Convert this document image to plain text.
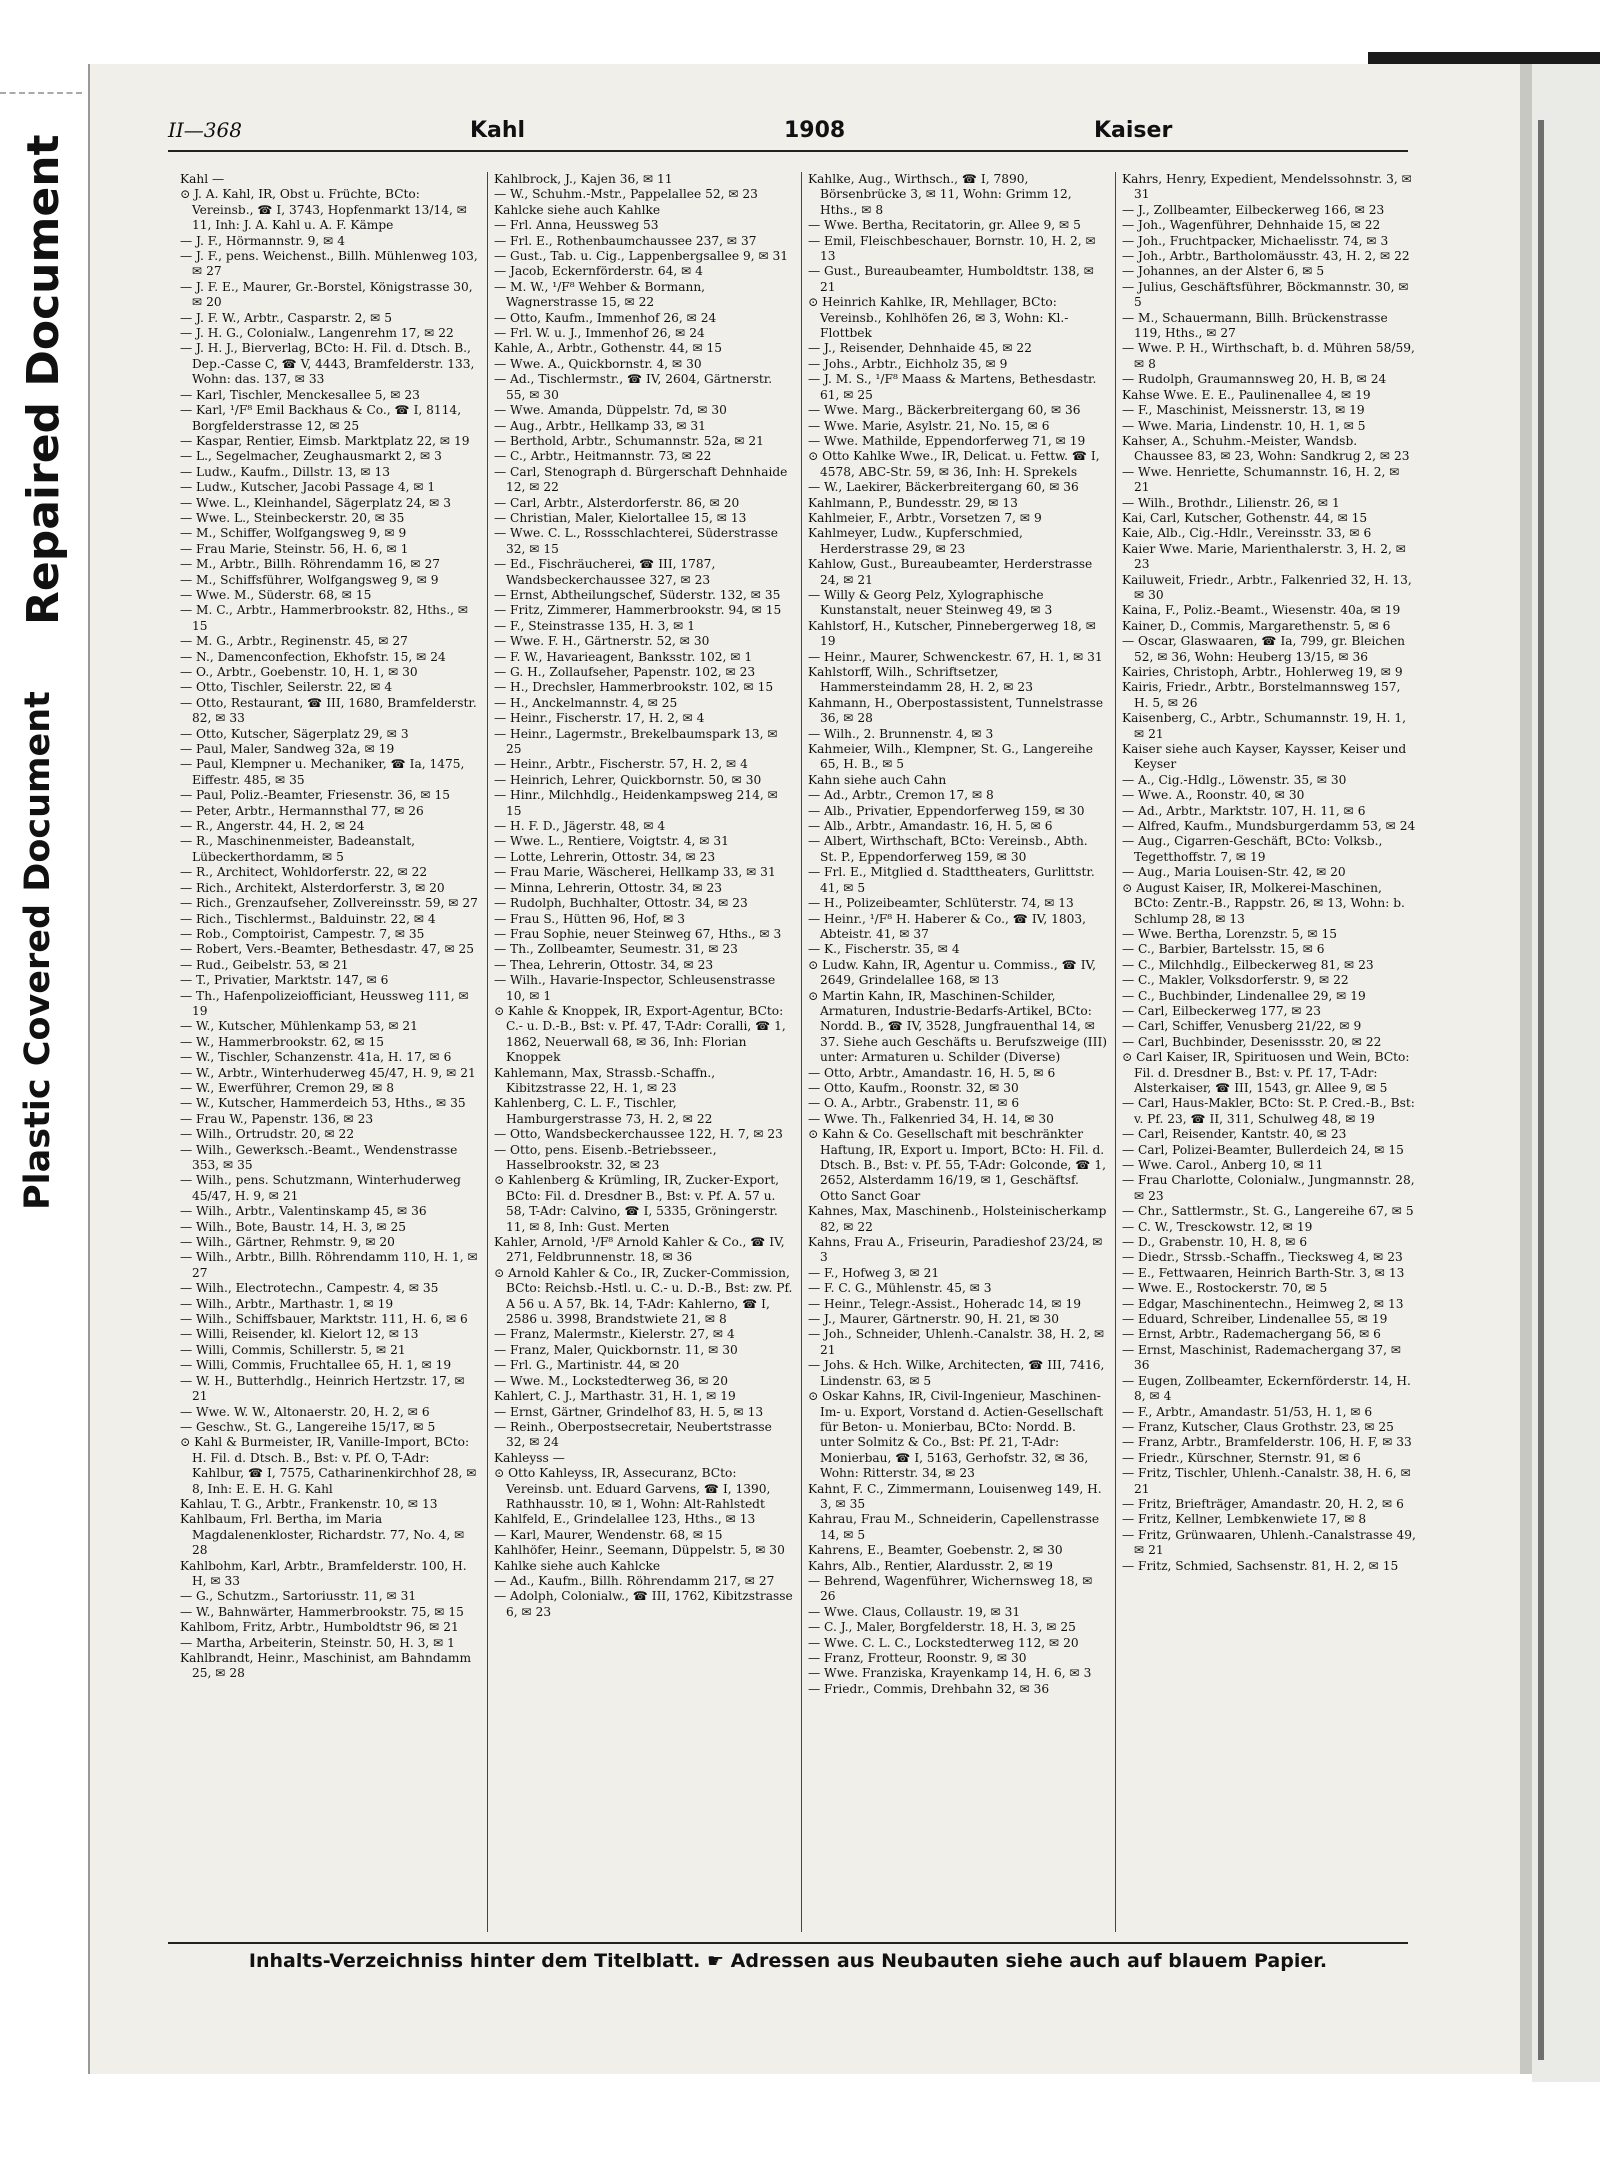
Repaired Document
Plastic Covered Document
II—368	Kahl	1908	Kaiser

Kahl —

⊙ J. A. Kahl, IR, Obst u. Früchte, BCto: Vereinsb., ☎ I, 3743, Hopfenmarkt 13/14, ✉ 11, Inh: J. A. Kahl u. A. F. Kämpe

— J. F., Hörmannstr. 9, ✉ 4

— J. F., pens. Weichenst., Billh. Mühlenweg 103, ✉ 27

— J. F. E., Maurer, Gr.-Borstel, Königstrasse 30, ✉ 20

— J. F. W., Arbtr., Casparstr. 2, ✉ 5

— J. H. G., Colonialw., Langenrehm 17, ✉ 22

— J. H. J., Bierverlag, BCto: H. Fil. d. Dtsch. B., Dep.-Casse C, ☎ V, 4443, Bramfelderstr. 133, Wohn: das. 137, ✉ 33

— Karl, Tischler, Menckesallee 5, ✉ 23

— Karl, ¹/F⁸ Emil Backhaus & Co., ☎ I, 8114, Borgfelderstrasse 12, ✉ 25

— Kaspar, Rentier, Eimsb. Marktplatz 22, ✉ 19

— L., Segelmacher, Zeughausmarkt 2, ✉ 3

— Ludw., Kaufm., Dillstr. 13, ✉ 13

— Ludw., Kutscher, Jacobi Passage 4, ✉ 1

— Wwe. L., Kleinhandel, Sägerplatz 24, ✉ 3

— Wwe. L., Steinbeckerstr. 20, ✉ 35

— M., Schiffer, Wolfgangsweg 9, ✉ 9

— Frau Marie, Steinstr. 56, H. 6, ✉ 1

— M., Arbtr., Billh. Röhrendamm 16, ✉ 27

— M., Schiffsführer, Wolfgangsweg 9, ✉ 9

— Wwe. M., Süderstr. 68, ✉ 15

— M. C., Arbtr., Hammerbrookstr. 82, Hths., ✉ 15

— M. G., Arbtr., Reginenstr. 45, ✉ 27

— N., Damenconfection, Ekhofstr. 15, ✉ 24

— O., Arbtr., Goebenstr. 10, H. 1, ✉ 30

— Otto, Tischler, Seilerstr. 22, ✉ 4

— Otto, Restaurant, ☎ III, 1680, Bramfelderstr. 82, ✉ 33

— Otto, Kutscher, Sägerplatz 29, ✉ 3

— Paul, Maler, Sandweg 32a, ✉ 19

— Paul, Klempner u. Mechaniker, ☎ Ia, 1475, Eiffestr. 485, ✉ 35

— Paul, Poliz.-Beamter, Friesenstr. 36, ✉ 15

— Peter, Arbtr., Hermannsthal 77, ✉ 26

— R., Angerstr. 44, H. 2, ✉ 24

— R., Maschinenmeister, Badeanstalt, Lübeckerthordamm, ✉ 5

— R., Architect, Wohldorferstr. 22, ✉ 22

— Rich., Architekt, Alsterdorferstr. 3, ✉ 20

— Rich., Grenzaufseher, Zollvereinsstr. 59, ✉ 27

— Rich., Tischlermst., Balduinstr. 22, ✉ 4

— Rob., Comptoirist, Campestr. 7, ✉ 35

— Robert, Vers.-Beamter, Bethesdastr. 47, ✉ 25

— Rud., Geibelstr. 53, ✉ 21

— T., Privatier, Marktstr. 147, ✉ 6

— Th., Hafenpolizeiofficiant, Heussweg 111, ✉ 19

— W., Kutscher, Mühlenkamp 53, ✉ 21

— W., Hammerbrookstr. 62, ✉ 15

— W., Tischler, Schanzenstr. 41a, H. 17, ✉ 6

— W., Arbtr., Winterhuderweg 45/47, H. 9, ✉ 21

— W., Ewerführer, Cremon 29, ✉ 8

— W., Kutscher, Hammerdeich 53, Hths., ✉ 35

— Frau W., Papenstr. 136, ✉ 23

— Wilh., Ortrudstr. 20, ✉ 22

— Wilh., Gewerksch.-Beamt., Wendenstrasse 353, ✉ 35

— Wilh., pens. Schutzmann, Winterhuderweg 45/47, H. 9, ✉ 21

— Wilh., Arbtr., Valentinskamp 45, ✉ 36

— Wilh., Bote, Baustr. 14, H. 3, ✉ 25

— Wilh., Gärtner, Rehmstr. 9, ✉ 20

— Wilh., Arbtr., Billh. Röhrendamm 110, H. 1, ✉ 27

— Wilh., Electrotechn., Campestr. 4, ✉ 35

— Wilh., Arbtr., Marthastr. 1, ✉ 19

— Wilh., Schiffsbauer, Marktstr. 111, H. 6, ✉ 6

— Willi, Reisender, kl. Kielort 12, ✉ 13

— Willi, Commis, Schillerstr. 5, ✉ 21

— Willi, Commis, Fruchtallee 65, H. 1, ✉ 19

— W. H., Butterhdlg., Heinrich Hertzstr. 17, ✉ 21

— Wwe. W. W., Altonaerstr. 20, H. 2, ✉ 6

— Geschw., St. G., Langereihe 15/17, ✉ 5

⊙ Kahl & Burmeister, IR, Vanille-Import, BCto: H. Fil. d. Dtsch. B., Bst: v. Pf. O, T-Adr: Kahlbur, ☎ I, 7575, Catharinenkirchhof 28, ✉ 8, Inh: E. E. H. G. Kahl

Kahlau, T. G., Arbtr., Frankenstr. 10, ✉ 13

Kahlbaum, Frl. Bertha, im Maria Magdalenenkloster, Richardstr. 77, No. 4, ✉ 28

Kahlbohm, Karl, Arbtr., Bramfelderstr. 100, H. H, ✉ 33

— G., Schutzm., Sartoriusstr. 11, ✉ 31

— W., Bahnwärter, Hammerbrookstr. 75, ✉ 15

Kahlbom, Fritz, Arbtr., Humboldtstr 96, ✉ 21

— Martha, Arbeiterin, Steinstr. 50, H. 3, ✉ 1

Kahlbrandt, Heinr., Maschinist, am Bahndamm 25, ✉ 28

Kahlbrock, J., Kajen 36, ✉ 11

— W., Schuhm.-Mstr., Pappelallee 52, ✉ 23

Kahlcke siehe auch Kahlke

— Frl. Anna, Heussweg 53

— Frl. E., Rothenbaumchaussee 237, ✉ 37

— Gust., Tab. u. Cig., Lappenbergsallee 9, ✉ 31

— Jacob, Eckernförderstr. 64, ✉ 4

— M. W., ¹/F⁸ Wehber & Bormann, Wagnerstrasse 15, ✉ 22

— Otto, Kaufm., Immenhof 26, ✉ 24

— Frl. W. u. J., Immenhof 26, ✉ 24

Kahle, A., Arbtr., Gothenstr. 44, ✉ 15

— Wwe. A., Quickbornstr. 4, ✉ 30

— Ad., Tischlermstr., ☎ IV, 2604, Gärtnerstr. 55, ✉ 30

— Wwe. Amanda, Düppelstr. 7d, ✉ 30

— Aug., Arbtr., Hellkamp 33, ✉ 31

— Berthold, Arbtr., Schumannstr. 52a, ✉ 21

— C., Arbtr., Heitmannstr. 73, ✉ 22

— Carl, Stenograph d. Bürgerschaft Dehnhaide 12, ✉ 22

— Carl, Arbtr., Alsterdorferstr. 86, ✉ 20

— Christian, Maler, Kielortallee 15, ✉ 13

— Wwe. C. L., Rossschlachterei, Süderstrasse 32, ✉ 15

— Ed., Fischräucherei, ☎ III, 1787, Wandsbeckerchaussee 327, ✉ 23

— Ernst, Abtheilungschef, Süderstr. 132, ✉ 35

— Fritz, Zimmerer, Hammerbrookstr. 94, ✉ 15

— F., Steinstrasse 135, H. 3, ✉ 1

— Wwe. F. H., Gärtnerstr. 52, ✉ 30

— F. W., Havarieagent, Banksstr. 102, ✉ 1

— G. H., Zollaufseher, Papenstr. 102, ✉ 23

— H., Drechsler, Hammerbrookstr. 102, ✉ 15

— H., Anckelmannstr. 4, ✉ 25

— Heinr., Fischerstr. 17, H. 2, ✉ 4

— Heinr., Lagermstr., Brekelbaumspark 13, ✉ 25

— Heinr., Arbtr., Fischerstr. 57, H. 2, ✉ 4

— Heinrich, Lehrer, Quickbornstr. 50, ✉ 30

— Hinr., Milchhdlg., Heidenkampsweg 214, ✉ 15

— H. F. D., Jägerstr. 48, ✉ 4

— Wwe. L., Rentiere, Voigtstr. 4, ✉ 31

— Lotte, Lehrerin, Ottostr. 34, ✉ 23

— Frau Marie, Wäscherei, Hellkamp 33, ✉ 31

— Minna, Lehrerin, Ottostr. 34, ✉ 23

— Rudolph, Buchhalter, Ottostr. 34, ✉ 23

— Frau S., Hütten 96, Hof, ✉ 3

— Frau Sophie, neuer Steinweg 67, Hths., ✉ 3

— Th., Zollbeamter, Seumestr. 31, ✉ 23

— Thea, Lehrerin, Ottostr. 34, ✉ 23

— Wilh., Havarie-Inspector, Schleusenstrasse 10, ✉ 1

⊙ Kahle & Knoppek, IR, Export-Agentur, BCto: C.- u. D.-B., Bst: v. Pf. 47, T-Adr: Coralli, ☎ 1, 1862, Neuerwall 68, ✉ 36, Inh: Florian Knoppek

Kahlemann, Max, Strassb.-Schaffn., Kibitzstrasse 22, H. 1, ✉ 23

Kahlenberg, C. L. F., Tischler, Hamburgerstrasse 73, H. 2, ✉ 22

— Otto, Wandsbeckerchaussee 122, H. 7, ✉ 23

— Otto, pens. Eisenb.-Betriebsseer., Hasselbrookstr. 32, ✉ 23

⊙ Kahlenberg & Krümling, IR, Zucker-Export, BCto: Fil. d. Dresdner B., Bst: v. Pf. A. 57 u. 58, T-Adr: Calvino, ☎ I, 5335, Gröningerstr. 11, ✉ 8, Inh: Gust. Merten

Kahler, Arnold, ¹/F⁸ Arnold Kahler & Co., ☎ IV, 271, Feldbrunnenstr. 18, ✉ 36

⊙ Arnold Kahler & Co., IR, Zucker-Commission, BCto: Reichsb.-Hstl. u. C.- u. D.-B., Bst: zw. Pf. A 56 u. A 57, Bk. 14, T-Adr: Kahlerno, ☎ I, 2586 u. 3998, Brandstwiete 21, ✉ 8

— Franz, Malermstr., Kielerstr. 27, ✉ 4

— Franz, Maler, Quickbornstr. 11, ✉ 30

— Frl. G., Martinistr. 44, ✉ 20

— Wwe. M., Lockstedterweg 36, ✉ 20

Kahlert, C. J., Marthastr. 31, H. 1, ✉ 19

— Ernst, Gärtner, Grindelhof 83, H. 5, ✉ 13

— Reinh., Oberpostsecretair, Neubertstrasse 32, ✉ 24

Kahleyss —

⊙ Otto Kahleyss, IR, Assecuranz, BCto: Vereinsb. unt. Eduard Garvens, ☎ I, 1390, Rathhausstr. 10, ✉ 1, Wohn: Alt-Rahlstedt

Kahlfeld, E., Grindelallee 123, Hths., ✉ 13

— Karl, Maurer, Wendenstr. 68, ✉ 15

Kahlhöfer, Heinr., Seemann, Düppelstr. 5, ✉ 30

Kahlke siehe auch Kahlcke

— Ad., Kaufm., Billh. Röhrendamm 217, ✉ 27

— Adolph, Colonialw., ☎ III, 1762, Kibitzstrasse 6, ✉ 23

Kahlke, Aug., Wirthsch., ☎ I, 7890, Börsenbrücke 3, ✉ 11, Wohn: Grimm 12, Hths., ✉ 8

— Wwe. Bertha, Recitatorin, gr. Allee 9, ✉ 5

— Emil, Fleischbeschauer, Bornstr. 10, H. 2, ✉ 13

— Gust., Bureaubeamter, Humboldtstr. 138, ✉ 21

⊙ Heinrich Kahlke, IR, Mehllager, BCto: Vereinsb., Kohlhöfen 26, ✉ 3, Wohn: Kl.-Flottbek

— J., Reisender, Dehnhaide 45, ✉ 22

— Johs., Arbtr., Eichholz 35, ✉ 9

— J. M. S., ¹/F⁸ Maass & Martens, Bethesdastr. 61, ✉ 25

— Wwe. Marg., Bäckerbreitergang 60, ✉ 36

— Wwe. Marie, Asylstr. 21, No. 15, ✉ 6

— Wwe. Mathilde, Eppendorferweg 71, ✉ 19

⊙ Otto Kahlke Wwe., IR, Delicat. u. Fettw. ☎ I, 4578, ABC-Str. 59, ✉ 36, Inh: H. Sprekels

— W., Laekirer, Bäckerbreitergang 60, ✉ 36

Kahlmann, P., Bundesstr. 29, ✉ 13

Kahlmeier, F., Arbtr., Vorsetzen 7, ✉ 9

Kahlmeyer, Ludw., Kupferschmied, Herderstrasse 29, ✉ 23

Kahlow, Gust., Bureaubeamter, Herderstrasse 24, ✉ 21

— Willy & Georg Pelz, Xylographische Kunstanstalt, neuer Steinweg 49, ✉ 3

Kahlstorf, H., Kutscher, Pinnebergerweg 18, ✉ 19

— Heinr., Maurer, Schwenckestr. 67, H. 1, ✉ 31

Kahlstorff, Wilh., Schriftsetzer, Hammersteindamm 28, H. 2, ✉ 23

Kahmann, H., Oberpostassistent, Tunnelstrasse 36, ✉ 28

— Wilh., 2. Brunnenstr. 4, ✉ 3

Kahmeier, Wilh., Klempner, St. G., Langereihe 65, H. B., ✉ 5

Kahn siehe auch Cahn

— Ad., Arbtr., Cremon 17, ✉ 8

— Alb., Privatier, Eppendorferweg 159, ✉ 30

— Alb., Arbtr., Amandastr. 16, H. 5, ✉ 6

— Albert, Wirthschaft, BCto: Vereinsb., Abth. St. P., Eppendorferweg 159, ✉ 30

— Frl. E., Mitglied d. Stadttheaters, Gurlittstr. 41, ✉ 5

— H., Polizeibeamter, Schlüterstr. 74, ✉ 13

— Heinr., ¹/F⁸ H. Haberer & Co., ☎ IV, 1803, Abteistr. 41, ✉ 37

— K., Fischerstr. 35, ✉ 4

⊙ Ludw. Kahn, IR, Agentur u. Commiss., ☎ IV, 2649, Grindelallee 168, ✉ 13

⊙ Martin Kahn, IR, Maschinen-Schilder, Armaturen, Industrie-Bedarfs-Artikel, BCto: Nordd. B., ☎ IV, 3528, Jungfrauenthal 14, ✉ 37. Siehe auch Geschäfts u. Berufszweige (III) unter: Armaturen u. Schilder (Diverse)

— Otto, Arbtr., Amandastr. 16, H. 5, ✉ 6

— Otto, Kaufm., Roonstr. 32, ✉ 30

— O. A., Arbtr., Grabenstr. 11, ✉ 6

— Wwe. Th., Falkenried 34, H. 14, ✉ 30

⊙ Kahn & Co. Gesellschaft mit beschränkter Haftung, IR, Export u. Import, BCto: H. Fil. d. Dtsch. B., Bst: v. Pf. 55, T-Adr: Golconde, ☎ 1, 2652, Alsterdamm 16/19, ✉ 1, Geschäftsf. Otto Sanct Goar

Kahnes, Max, Maschinenb., Holsteinischerkamp 82, ✉ 22

Kahns, Frau A., Friseurin, Paradieshof 23/24, ✉ 3

— F., Hofweg 3, ✉ 21

— F. C. G., Mühlenstr. 45, ✉ 3

— Heinr., Telegr.-Assist., Hoheradc 14, ✉ 19

— J., Maurer, Gärtnerstr. 90, H. 21, ✉ 30

— Joh., Schneider, Uhlenh.-Canalstr. 38, H. 2, ✉ 21

— Johs. & Hch. Wilke, Architecten, ☎ III, 7416, Lindenstr. 63, ✉ 5

⊙ Oskar Kahns, IR, Civil-Ingenieur, Maschinen-Im- u. Export, Vorstand d. Actien-Gesellschaft für Beton- u. Monierbau, BCto: Nordd. B. unter Solmitz & Co., Bst: Pf. 21, T-Adr: Monierbau, ☎ I, 5163, Gerhofstr. 32, ✉ 36, Wohn: Ritterstr. 34, ✉ 23

Kahnt, F. C., Zimmermann, Louisenweg 149, H. 3, ✉ 35

Kahrau, Frau M., Schneiderin, Capellenstrasse 14, ✉ 5

Kahrens, E., Beamter, Goebenstr. 2, ✉ 30

Kahrs, Alb., Rentier, Alardusstr. 2, ✉ 19

— Behrend, Wagenführer, Wichernsweg 18, ✉ 26

— Wwe. Claus, Collaustr. 19, ✉ 31

— C. J., Maler, Borgfelderstr. 18, H. 3, ✉ 25

— Wwe. C. L. C., Lockstedterweg 112, ✉ 20

— Franz, Frotteur, Roonstr. 9, ✉ 30

— Wwe. Franziska, Krayenkamp 14, H. 6, ✉ 3

— Friedr., Commis, Drehbahn 32, ✉ 36

Kahrs, Henry, Expedient, Mendelssohnstr. 3, ✉ 31

— J., Zollbeamter, Eilbeckerweg 166, ✉ 23

— Joh., Wagenführer, Dehnhaide 15, ✉ 22

— Joh., Fruchtpacker, Michaelisstr. 74, ✉ 3

— Joh., Arbtr., Bartholomäusstr. 43, H. 2, ✉ 22

— Johannes, an der Alster 6, ✉ 5

— Julius, Geschäftsführer, Böckmannstr. 30, ✉ 5

— M., Schauermann, Billh. Brückenstrasse 119, Hths., ✉ 27

— Wwe. P. H., Wirthschaft, b. d. Mühren 58/59, ✉ 8

— Rudolph, Graumannsweg 20, H. B, ✉ 24

Kahse Wwe. E. E., Paulinenallee 4, ✉ 19

— F., Maschinist, Meissnerstr. 13, ✉ 19

— Wwe. Maria, Lindenstr. 10, H. 1, ✉ 5

Kahser, A., Schuhm.-Meister, Wandsb. Chaussee 83, ✉ 23, Wohn: Sandkrug 2, ✉ 23

— Wwe. Henriette, Schumannstr. 16, H. 2, ✉ 21

— Wilh., Brothdr., Lilienstr. 26, ✉ 1

Kai, Carl, Kutscher, Gothenstr. 44, ✉ 15

Kaie, Alb., Cig.-Hdlr., Vereinsstr. 33, ✉ 6

Kaier Wwe. Marie, Marienthalerstr. 3, H. 2, ✉ 23

Kailuweit, Friedr., Arbtr., Falkenried 32, H. 13, ✉ 30

Kaina, F., Poliz.-Beamt., Wiesenstr. 40a, ✉ 19

Kainer, D., Commis, Margarethenstr. 5, ✉ 6

— Oscar, Glaswaaren, ☎ Ia, 799, gr. Bleichen 52, ✉ 36, Wohn: Heuberg 13/15, ✉ 36

Kairies, Christoph, Arbtr., Hohlerweg 19, ✉ 9

Kairis, Friedr., Arbtr., Borstelmannsweg 157, H. 5, ✉ 26

Kaisenberg, C., Arbtr., Schumannstr. 19, H. 1, ✉ 21

Kaiser siehe auch Kayser, Kaysser, Keiser und Keyser

— A., Cig.-Hdlg., Löwenstr. 35, ✉ 30

— Wwe. A., Roonstr. 40, ✉ 30

— Ad., Arbtr., Marktstr. 107, H. 11, ✉ 6

— Alfred, Kaufm., Mundsburgerdamm 53, ✉ 24

— Aug., Cigarren-Geschäft, BCto: Volksb., Tegetthoffstr. 7, ✉ 19

— Aug., Maria Louisen-Str. 42, ✉ 20

⊙ August Kaiser, IR, Molkerei-Maschinen, BCto: Zentr.-B., Rappstr. 26, ✉ 13, Wohn: b. Schlump 28, ✉ 13

— Wwe. Bertha, Lorenzstr. 5, ✉ 15

— C., Barbier, Bartelsstr. 15, ✉ 6

— C., Milchhdlg., Eilbeckerweg 81, ✉ 23

— C., Makler, Volksdorferstr. 9, ✉ 22

— C., Buchbinder, Lindenallee 29, ✉ 19

— Carl, Eilbeckerweg 177, ✉ 23

— Carl, Schiffer, Venusberg 21/22, ✉ 9

— Carl, Buchbinder, Desenissstr. 20, ✉ 22

⊙ Carl Kaiser, IR, Spirituosen und Wein, BCto: Fil. d. Dresdner B., Bst: v. Pf. 17, T-Adr: Alsterkaiser, ☎ III, 1543, gr. Allee 9, ✉ 5

— Carl, Haus-Makler, BCto: St. P. Cred.-B., Bst: v. Pf. 23, ☎ II, 311, Schulweg 48, ✉ 19

— Carl, Reisender, Kantstr. 40, ✉ 23

— Carl, Polizei-Beamter, Bullerdeich 24, ✉ 15

— Wwe. Carol., Anberg 10, ✉ 11

— Frau Charlotte, Colonialw., Jungmannstr. 28, ✉ 23

— Chr., Sattlermstr., St. G., Langereihe 67, ✉ 5

— C. W., Tresckowstr. 12, ✉ 19

— D., Grabenstr. 10, H. 8, ✉ 6

— Diedr., Strssb.-Schaffn., Tiecksweg 4, ✉ 23

— E., Fettwaaren, Heinrich Barth-Str. 3, ✉ 13

— Wwe. E., Rostockerstr. 70, ✉ 5

— Edgar, Maschinentechn., Heimweg 2, ✉ 13

— Eduard, Schreiber, Lindenallee 55, ✉ 19

— Ernst, Arbtr., Rademachergang 56, ✉ 6

— Ernst, Maschinist, Rademachergang 37, ✉ 36

— Eugen, Zollbeamter, Eckernförderstr. 14, H. 8, ✉ 4

— F., Arbtr., Amandastr. 51/53, H. 1, ✉ 6

— Franz, Kutscher, Claus Grothstr. 23, ✉ 25

— Franz, Arbtr., Bramfelderstr. 106, H. F, ✉ 33

— Friedr., Kürschner, Sternstr. 91, ✉ 6

— Fritz, Tischler, Uhlenh.-Canalstr. 38, H. 6, ✉ 21

— Fritz, Briefträger, Amandastr. 20, H. 2, ✉ 6

— Fritz, Kellner, Lembkenwiete 17, ✉ 8

— Fritz, Grünwaaren, Uhlenh.-Canalstrasse 49, ✉ 21

— Fritz, Schmied, Sachsenstr. 81, H. 2, ✉ 15

Inhalts-Verzeichniss hinter dem Titelblatt. ☛ Adressen aus Neubauten siehe auch auf blauem Papier.
